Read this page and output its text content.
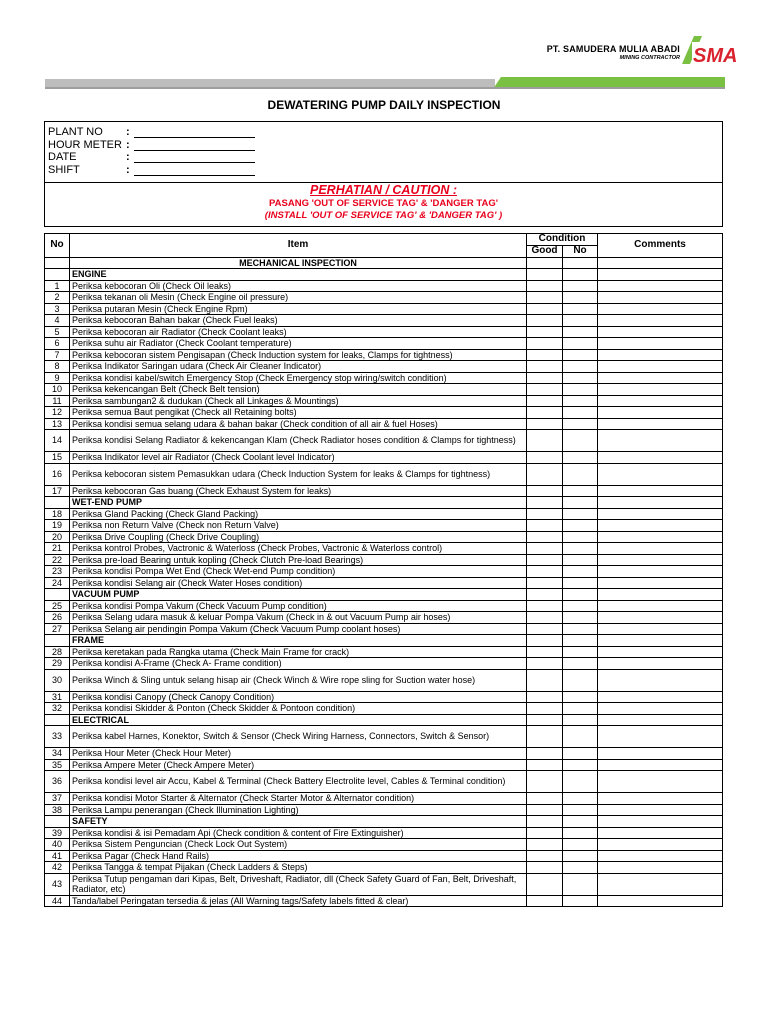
PT. SAMUDERA MULIA ABADI
MINING CONTRACTOR SMA
DEWATERING PUMP DAILY INSPECTION
PLANT NO :
HOUR METER :
DATE	:
SHIFT	:
PERHATIAN / CAUTION :
PASANG 'OUT OF SERVICE TAG' & 'DANGER TAG'
(INSTALL 'OUT OF SERVICE TAG' & 'DANGER TAG' )
No	Item	Condition		Comments
		Good	No	
	MECHANICAL INSPECTION			
	ENGINE			
1	Periksa kebocoran Oli (Check Oil leaks)			
2	Periksa tekanan oli Mesin (Check Engine oil pressure)			
3	Periksa putaran Mesin (Check Engine Rpm)			
4	Periksa kebocoran Bahan bakar (Check Fuel leaks)			
5	Periksa kebocoran air Radiator (Check Coolant leaks)			
6	Periksa suhu air Radiator (Check Coolant temperature)			
7	Periksa kebocoran sistem Pengisapan (Check Induction system for leaks, Clamps for tightness)			
8	Periksa Indikator Saringan udara (Check Air Cleaner Indicator)			
9	Periksa kondisi kabel/switch Emergency Stop (Check Emergency stop wiring/switch condition)			
10	Periksa kekencangan Belt (Check Belt tension)			
11	Periksa sambungan2 & dudukan (Check all Linkages & Mountings)			
12	Periksa semua Baut pengikat (Check all Retaining bolts)			
13	Periksa kondisi semua selang udara & bahan bakar (Check condition of all air & fuel Hoses)			
14	Periksa kondisi Selang Radiator & kekencangan Klam (Check Radiator hoses condition & Clamps for tightness)			
15	Periksa Indikator level air Radiator (Check Coolant level Indicator)			
16	Periksa kebocoran sistem Pemasukkan udara (Check Induction System for leaks & Clamps for tightness)			
17	Periksa kebocoran Gas buang (Check Exhaust System for leaks)			
	WET-END PUMP			
18	Periksa Gland Packing (Check Gland Packing)			
19	Periksa non Return Valve (Check non Return Valve)			
20	Periksa Drive Coupling (Check Drive Coupling)			
21	Periksa kontrol Probes, Vactronic & Waterloss (Check Probes, Vactronic & Waterloss control)			
22	Periksa pre-load Bearing untuk kopling (Check Clutch Pre-load Bearings)			
23	Periksa kondisi Pompa Wet End (Check Wet-end Pump condition)			
24	Periksa kondisi Selang air (Check Water Hoses condition)			
	VACUUM PUMP			
25	Periksa kondisi Pompa Vakum (Check Vacuum Pump condition)			
26	Periksa Selang udara masuk & keluar Pompa Vakum (Check in & out Vacuum Pump air hoses)			
27	Periksa Selang air pendingin Pompa Vakum (Check Vacuum Pump coolant hoses)			
	FRAME			
28	Periksa keretakan pada Rangka utama (Check Main Frame for crack)			
29	Periksa kondisi A-Frame (Check A- Frame condition)			
30	Periksa Winch & Sling untuk selang hisap air (Check Winch & Wire rope sling for Suction water hose)			
31	Periksa kondisi Canopy (Check Canopy Condition)			
32	Periksa kondisi Skidder & Ponton (Check Skidder & Pontoon condition)			
	ELECTRICAL			
33	Periksa kabel Harnes, Konektor, Switch & Sensor (Check Wiring Harness, Connectors, Switch & Sensor)			
34	Periksa Hour Meter (Check Hour Meter)			
35	Periksa Ampere Meter (Check Ampere Meter)			
36	Periksa kondisi level air Accu, Kabel & Terminal (Check Battery Electrolite level, Cables & Terminal condition)			
37	Periksa kondisi Motor Starter & Alternator (Check Starter Motor & Alternator condition)			
38	Periksa Lampu penerangan (Check Illumination Lighting)			
	SAFETY			
39	Periksa kondisi & isi Pemadam Api (Check condition & content of Fire Extinguisher)			
40	Periksa Sistem Penguncian (Check Lock Out System)			
41	Periksa Pagar (Check Hand Rails)			
42	Periksa Tangga & tempat Pijakan (Check Ladders & Steps)			
43	Periksa Tutup pengaman dari Kipas, Belt, Driveshaft, Radiator, dll (Check Safety Guard of Fan, Belt, Driveshaft, Radiator, etc)			
44	Tanda/label Peringatan tersedia & jelas (All Warning tags/Safety labels fitted & clear)			
